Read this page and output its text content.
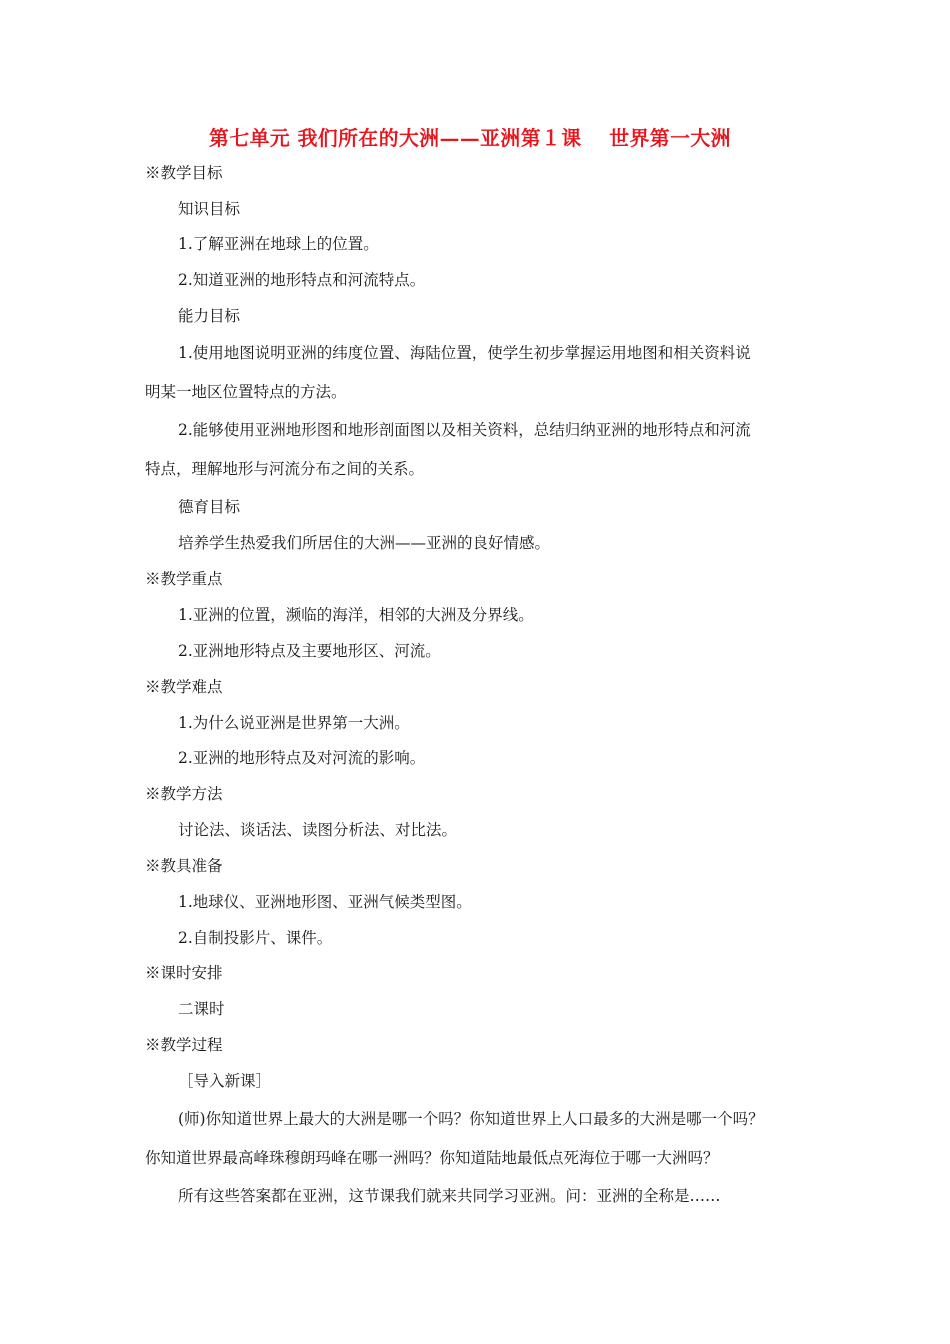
第七单元 我们所在的大洲——亚洲第１课　 世界第一大洲
※教学目标
知识目标
1.了解亚洲在地球上的位置。
2.知道亚洲的地形特点和河流特点。
能力目标
1.使用地图说明亚洲的纬度位置、海陆位置，使学生初步掌握运用地图和相关资料说
明某一地区位置特点的方法。
2.能够使用亚洲地形图和地形剖面图以及相关资料，总结归纳亚洲的地形特点和河流
特点，理解地形与河流分布之间的关系。
德育目标
培养学生热爱我们所居住的大洲——亚洲的良好情感。
※教学重点
1.亚洲的位置，濒临的海洋，相邻的大洲及分界线。
2.亚洲地形特点及主要地形区、河流。
※教学难点
1.为什么说亚洲是世界第一大洲。
2.亚洲的地形特点及对河流的影响。
※教学方法
讨论法、谈话法、读图分析法、对比法。
※教具准备
1.地球仪、亚洲地形图、亚洲气候类型图。
2.自制投影片、课件。
※课时安排
二课时
※教学过程
［导入新课］
(师)你知道世界上最大的大洲是哪一个吗？你知道世界上人口最多的大洲是哪一个吗？
你知道世界最高峰珠穆朗玛峰在哪一洲吗？你知道陆地最低点死海位于哪一大洲吗？
所有这些答案都在亚洲，这节课我们就来共同学习亚洲。问：亚洲的全称是……
